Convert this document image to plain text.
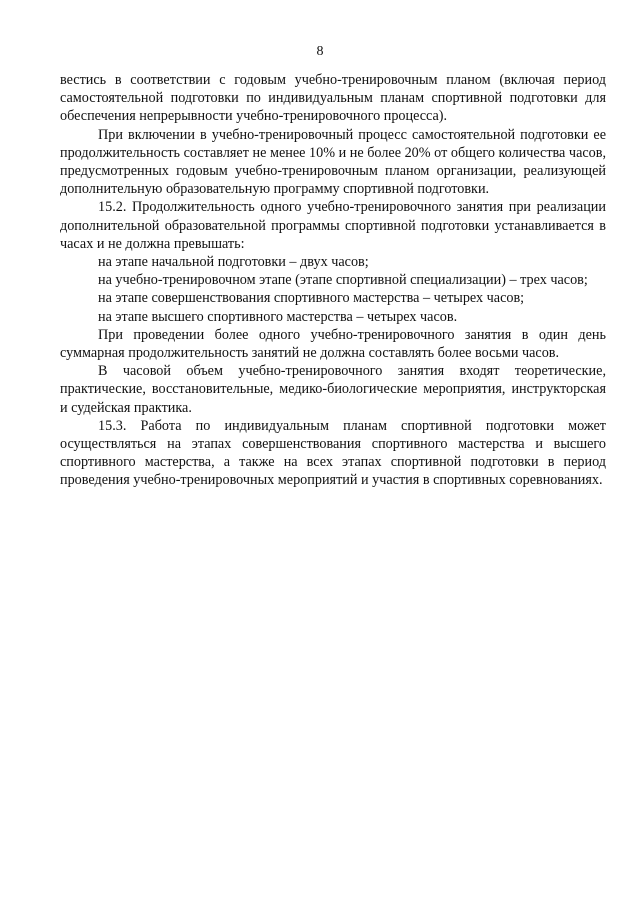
8

вестись в соответствии с годовым учебно-тренировочным планом (включая период самостоятельной подготовки по индивидуальным планам спортивной подготовки для обеспечения непрерывности учебно-тренировочного процесса).

При включении в учебно-тренировочный процесс самостоятельной подготовки ее продолжительность составляет не менее 10% и не более 20% от общего количества часов, предусмотренных годовым учебно-тренировочным планом организации, реализующей дополнительную образовательную программу спортивной подготовки.

15.2. Продолжительность одного учебно-тренировочного занятия при реализации дополнительной образовательной программы спортивной подготовки устанавливается в часах и не должна превышать:

на этапе начальной подготовки – двух часов;

на учебно-тренировочном этапе (этапе спортивной специализации) – трех часов;

на этапе совершенствования спортивного мастерства – четырех часов;

на этапе высшего спортивного мастерства – четырех часов.

При проведении более одного учебно-тренировочного занятия в один день суммарная продолжительность занятий не должна составлять более восьми часов.

В часовой объем учебно-тренировочного занятия входят теоретические, практические, восстановительные, медико-биологические мероприятия, инструкторская и судейская практика.

15.3. Работа по индивидуальным планам спортивной подготовки может осуществляться на этапах совершенствования спортивного мастерства и высшего спортивного мастерства, а также на всех этапах спортивной подготовки в период проведения учебно-тренировочных мероприятий и участия в спортивных соревнованиях.
